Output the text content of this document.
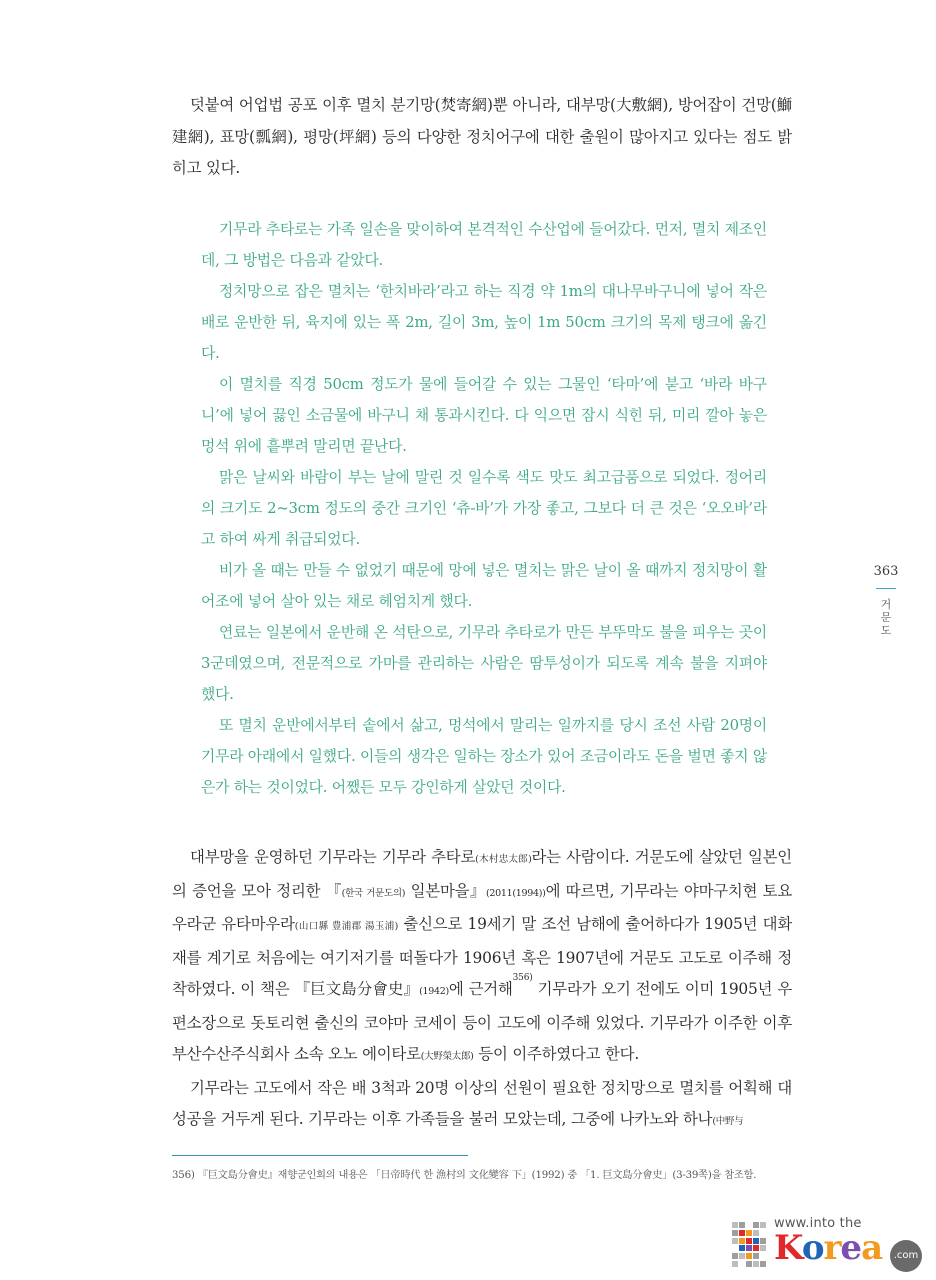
덧붙여 어업법 공포 이후 멸치 분기망(焚寄網)뿐 아니라, 대부망(大敷網), 방어잡이 건망(鰤建網), 표망(瓢網), 평망(坪網) 등의 다양한 정치어구에 대한 출원이 많아지고 있다는 점도 밝히고 있다.

기무라 추타로는 가족 일손을 맞이하여 본격적인 수산업에 들어갔다. 먼저, 멸치 제조인데, 그 방법은 다음과 같았다.

정치망으로 잡은 멸치는 ‘한치바라’라고 하는 직경 약 1m의 대나무바구니에 넣어 작은 배로 운반한 뒤, 육지에 있는 폭 2m, 길이 3m, 높이 1m 50cm 크기의 목제 탱크에 옮긴다.

이 멸치를 직경 50cm 정도가 물에 들어갈 수 있는 그물인 ‘타마’에 붇고 ‘바라 바구니’에 넣어 끓인 소금물에 바구니 채 통과시킨다. 다 익으면 잠시 식힌 뒤, 미리 깔아 놓은 멍석 위에 흩뿌려 말리면 끝난다.

맑은 날씨와 바람이 부는 날에 말린 것 일수록 색도 맛도 최고급품으로 되었다. 정어리의 크기도 2~3cm 정도의 중간 크기인 ‘츄-바’가 가장 좋고, 그보다 더 큰 것은 ‘오오바’라고 하여 싸게 취급되었다.

비가 올 때는 만들 수 없었기 때문에 망에 넣은 멸치는 맑은 날이 올 때까지 정치망이 활어조에 넣어 살아 있는 채로 헤엄치게 했다.

연료는 일본에서 운반해 온 석탄으로, 기무라 추타로가 만든 부뚜막도 불을 피우는 곳이 3군데였으며, 전문적으로 가마를 관리하는 사람은 땀투성이가 되도록 계속 불을 지펴야 했다.

또 멸치 운반에서부터 솥에서 삶고, 멍석에서 말리는 일까지를 당시 조선 사람 20명이 기무라 아래에서 일했다. 이들의 생각은 일하는 장소가 있어 조금이라도 돈을 벌면 좋지 않은가 하는 것이었다. 어쨌든 모두 강인하게 살았던 것이다.

대부망을 운영하던 기무라는 기무라 추타로(木村忠太郎)라는 사람이다. 거문도에 살았던 일본인의 증언을 모아 정리한 『(한국 거문도의) 일본마을』(2011(1994))에 따르면, 기무라는 야마구치현 토요우라군 유타마우라(山口縣 豊浦郡 湯玉浦) 출신으로 19세기 말 조선 남해에 출어하다가 1905년 대화재를 계기로 처음에는 여기저기를 떠돌다가 1906년 혹은 1907년에 거문도 고도로 이주해 정착하였다. 이 책은 『巨文島分會史』(1942)에 근거해$^{356)}$ 기무라가 오기 전에도 이미 1905년 우편소장으로 돗토리현 출신의 코야마 코세이 등이 고도에 이주해 있었다. 기무라가 이주한 이후 부산수산주식회사 소속 오노 에이타로(大野榮太郎) 등이 이주하였다고 한다.

기무라는 고도에서 작은 배 3척과 20명 이상의 선원이 필요한 정치망으로 멸치를 어획해 대성공을 거두게 된다. 기무라는 이후 가족들을 불러 모았는데, 그중에 나카노와 하나(中野与

356) 『巨文島分會史』재향군인회의 내용은 「日帝時代 한 漁村의 文化變容 下」(1992) 중 「1. 巨文島分會史」(3-39쪽)을 참조함.
363
거문도
www.into the
Korea	.com
